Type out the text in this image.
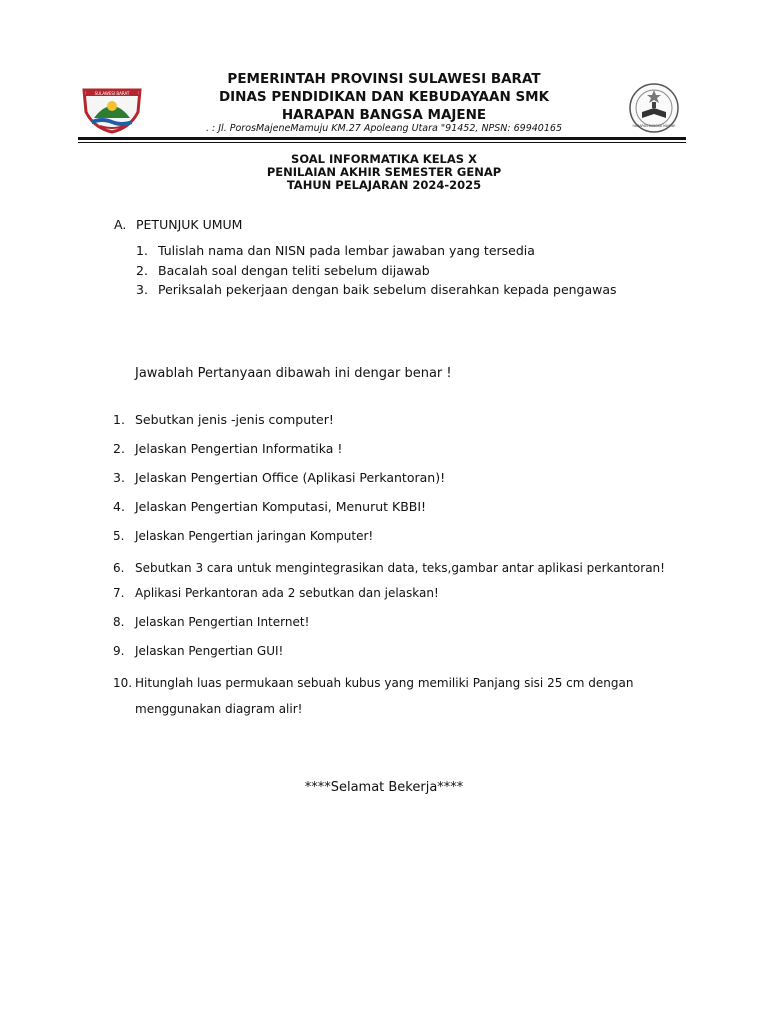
SULAWESI BARAT
PEMERINTAH PROVINSI SULAWESI BARAT
DINAS PENDIDIKAN DAN KEBUDAYAAN SMK
HARAPAN BANGSA MAJENE
. : Jl. PorosMajeneMamuju KM.27 Apoleang Utara "91452, NPSN: 69940165	HARAPAN BANGSA MAJENE
SOAL INFORMATIKA KELAS X
PENILAIAN AKHIR SEMESTER GENAP
TAHUN PELAJARAN 2024-2025
A. PETUNJUK UMUM
1. Tulislah nama dan NISN pada lembar jawaban yang tersedia
2. Bacalah soal dengan teliti sebelum dijawab
3. Periksalah pekerjaan dengan baik sebelum diserahkan kepada pengawas
Jawablah Pertanyaan dibawah ini dengar benar !
1. Sebutkan jenis -jenis computer!
2. Jelaskan Pengertian Informatika !
3. Jelaskan Pengertian Office (Aplikasi Perkantoran)!
4. Jelaskan Pengertian Komputasi, Menurut KBBI!
5. Jelaskan Pengertian jaringan Komputer!
6. Sebutkan 3 cara untuk mengintegrasikan data, teks,gambar antar aplikasi perkantoran!
7. Aplikasi Perkantoran ada 2 sebutkan dan jelaskan!
8. Jelaskan Pengertian Internet!
9. Jelaskan Pengertian GUI!
10. Hitunglah luas permukaan sebuah kubus yang memiliki Panjang sisi 25 cm dengan menggunakan diagram alir!
****Selamat Bekerja****
